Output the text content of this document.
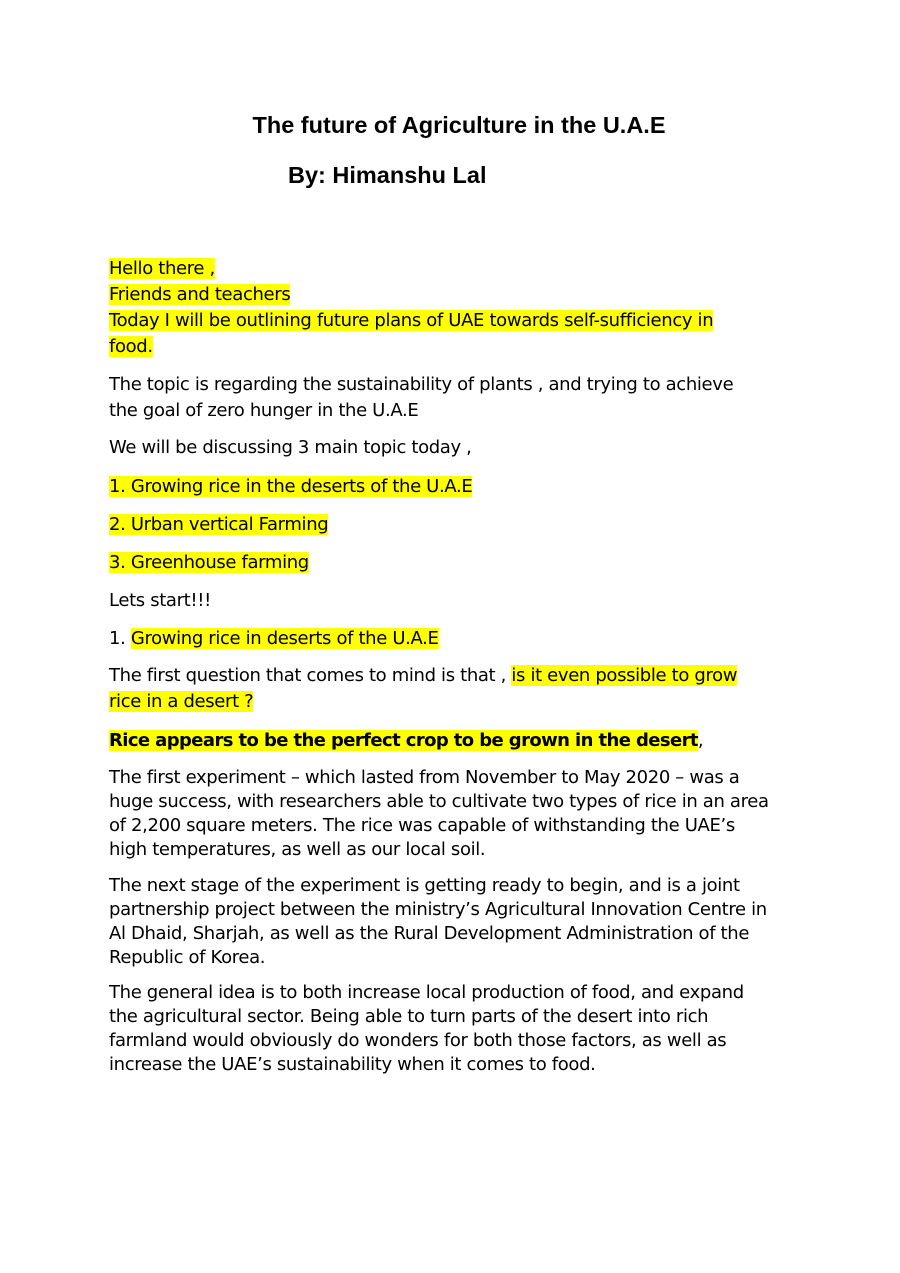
The future of Agriculture in the U.A.E
By: Himanshu Lal
Hello there ,
Friends and teachers
Today I will be outlining future plans of UAE towards self-sufficiency in
food.
The topic is regarding the sustainability of plants , and trying to achieve
the goal of zero hunger in the U.A.E
We will be discussing 3 main topic today ,
1. Growing rice in the deserts of the U.A.E
2. Urban vertical Farming
3. Greenhouse farming
Lets start!!!
1. Growing rice in deserts of the U.A.E
The first question that comes to mind is that , is it even possible to grow
rice in a desert ?
Rice appears to be the perfect crop to be grown in the desert,
The first experiment – which lasted from November to May 2020 – was a
huge success, with researchers able to cultivate two types of rice in an area
of 2,200 square meters. The rice was capable of withstanding the UAE’s
high temperatures, as well as our local soil.
The next stage of the experiment is getting ready to begin, and is a joint
partnership project between the ministry’s Agricultural Innovation Centre in
Al Dhaid, Sharjah, as well as the Rural Development Administration of the
Republic of Korea.
The general idea is to both increase local production of food, and expand
the agricultural sector. Being able to turn parts of the desert into rich
farmland would obviously do wonders for both those factors, as well as
increase the UAE’s sustainability when it comes to food.
